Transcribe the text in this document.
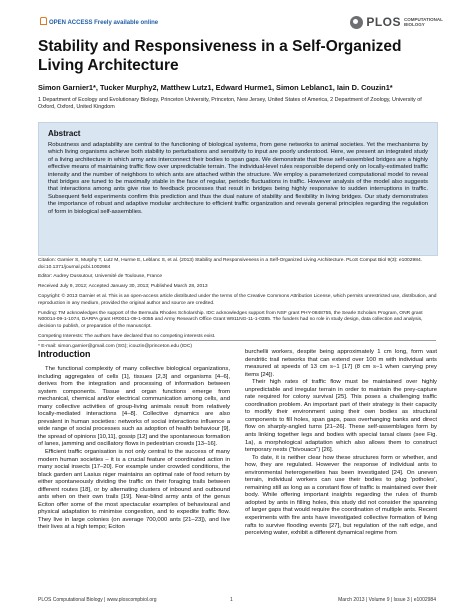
OPEN ACCESS Freely available online	PLOS COMPUTATIONAL BIOLOGY
Stability and Responsiveness in a Self-Organized Living Architecture
Simon Garnier1*, Tucker Murphy2, Matthew Lutz1, Edward Hurme1, Simon Leblanc1, Iain D. Couzin1*
1 Department of Ecology and Evolutionary Biology, Princeton University, Princeton, New Jersey, United States of America, 2 Department of Zoology, University of Oxford, Oxford, United Kingdom
Abstract
Robustness and adaptability are central to the functioning of biological systems, from gene networks to animal societies. Yet the mechanisms by which living organisms achieve both stability to perturbations and sensitivity to input are poorly understood. Here, we present an integrated study of a living architecture in which army ants interconnect their bodies to span gaps. We demonstrate that these self-assembled bridges are a highly effective means of maintaining traffic flow over unpredictable terrain. The individual-level rules responsible depend only on locally-estimated traffic intensity and the number of neighbors to which ants are attached within the structure. We employ a parameterized computational model to reveal that bridges are tuned to be maximally stable in the face of regular, periodic fluctuations in traffic. However analysis of the model also suggests that interactions among ants give rise to feedback processes that result in bridges being highly responsive to sudden interruptions in traffic. Subsequent field experiments confirm this prediction and thus the dual nature of stability and flexibility in living bridges. Our study demonstrates the importance of robust and adaptive modular architecture to efficient traffic organization and reveals general principles regarding the regulation of form in biological self-assemblies.

Citation: Garnier S, Murphy T, Lutz M, Hurme E, Leblanc S, et al. (2013) Stability and Responsiveness in a Self-Organized Living Architecture. PLoS Comput Biol 9(3): e1002984. doi:10.1371/journal.pcbi.1002984

Editor: Audrey Dussutour, Université de Toulouse, France

Received July 9, 2012; Accepted January 30, 2013; Published March 28, 2013

Copyright: © 2013 Garnier et al. This is an open-access article distributed under the terms of the Creative Commons Attribution License, which permits unrestricted use, distribution, and reproduction in any medium, provided the original author and source are credited.

Funding: TM acknowledges the support of the Bermuda Rhodes Scholarship. IDC acknowledges support from NSF grant PHY-0848755, the Searle Scholars Program, ONR grant N00014-09-1-1074, DARPA grant HR0011-09-1-0055 and Army Research Office Grant W911NG-11-1-0385. The funders had no role in study design, data collection and analysis, decision to publish, or preparation of the manuscript.

Competing Interests: The authors have declared that no competing interests exist.

* E-mail: simon.garnier@gmail.com (SG); icouzin@princeton.edu (IDC)

Introduction

The functional complexity of many collective biological organizations, including aggregates of cells [1], tissues [2,3] and organisms [4–6], derives from the integration and processing of information between system components. Tissue and organ functions emerge from mechanical, chemical and/or electrical communication among cells, and many collective activities of group-living animals result from relatively locally-mediated interactions [4–8]. Collective dynamics are also prevalent in human societies: networks of social interactions influence a wide range of social processes such as adoption of health behaviour [9], the spread of opinions [10,11], gossip [12] and the spontaneous formation of lanes, jamming and oscillatory flows in pedestrian crowds [13–16].

Efficient traffic organisation is not only central to the success of many modern human societies – it is a crucial feature of coordinated action in many social insects [17–20]. For example under crowded conditions, the black garden ant Lasius niger maintains an optimal rate of food return by either spontaneously dividing the traffic on their foraging trails between different routes [18], or by alternating clusters of inbound and outbound ants when on their own trails [19]. Near-blind army ants of the genus Eciton offer some of the most spectacular examples of behavioural and physical adaptation to minimise congestion, and to expedite traffic flow. They live in large colonies (on average 700,000 ants [21–23]), and live their lives at a high tempo; Eciton

burchellii workers, despite being approximately 1 cm long, form vast dendritic trail networks that can extend over 100 m with individual ants measured at speeds of 13 cm s−1 [17] (8 cm s−1 when carrying prey items [24]).

Their high rates of traffic flow must be maintained over highly unpredictable and irregular terrain in order to maintain the prey-capture rate required for colony survival [25]. This poses a challenging traffic coordination problem. An important part of their strategy is their capacity to modify their environment using their own bodies as structural components to fill holes, span gaps, pass overhanging banks and direct flow on sharply-angled turns [21–26]. These self-assemblages form by ants linking together legs and bodies with special tarsal claws (see Fig. 1a), a morphological adaptation which also allows them to construct temporary nests ("bivouacs") [26].

To date, it is neither clear how these structures form or whether, and how, they are regulated. However the response of individual ants to environmental heterogeneities has been investigated [24]. On uneven terrain, individual workers can use their bodies to plug 'potholes', remaining still as long as a constant flow of traffic is maintained over their body. While offering important insights regarding the rules of thumb adopted by ants in filling holes, this study did not consider the spanning of larger gaps that would require the coordination of multiple ants. Recent experiments with fire ants have investigated collective formation of living rafts to survive flooding events [27], but regulation of the raft edge, and perceiving water, exhibit a different dynamical regime from

PLOS Computational Biology | www.ploscompbiol.org	1	March 2013 | Volume 9 | Issue 3 | e1002984
